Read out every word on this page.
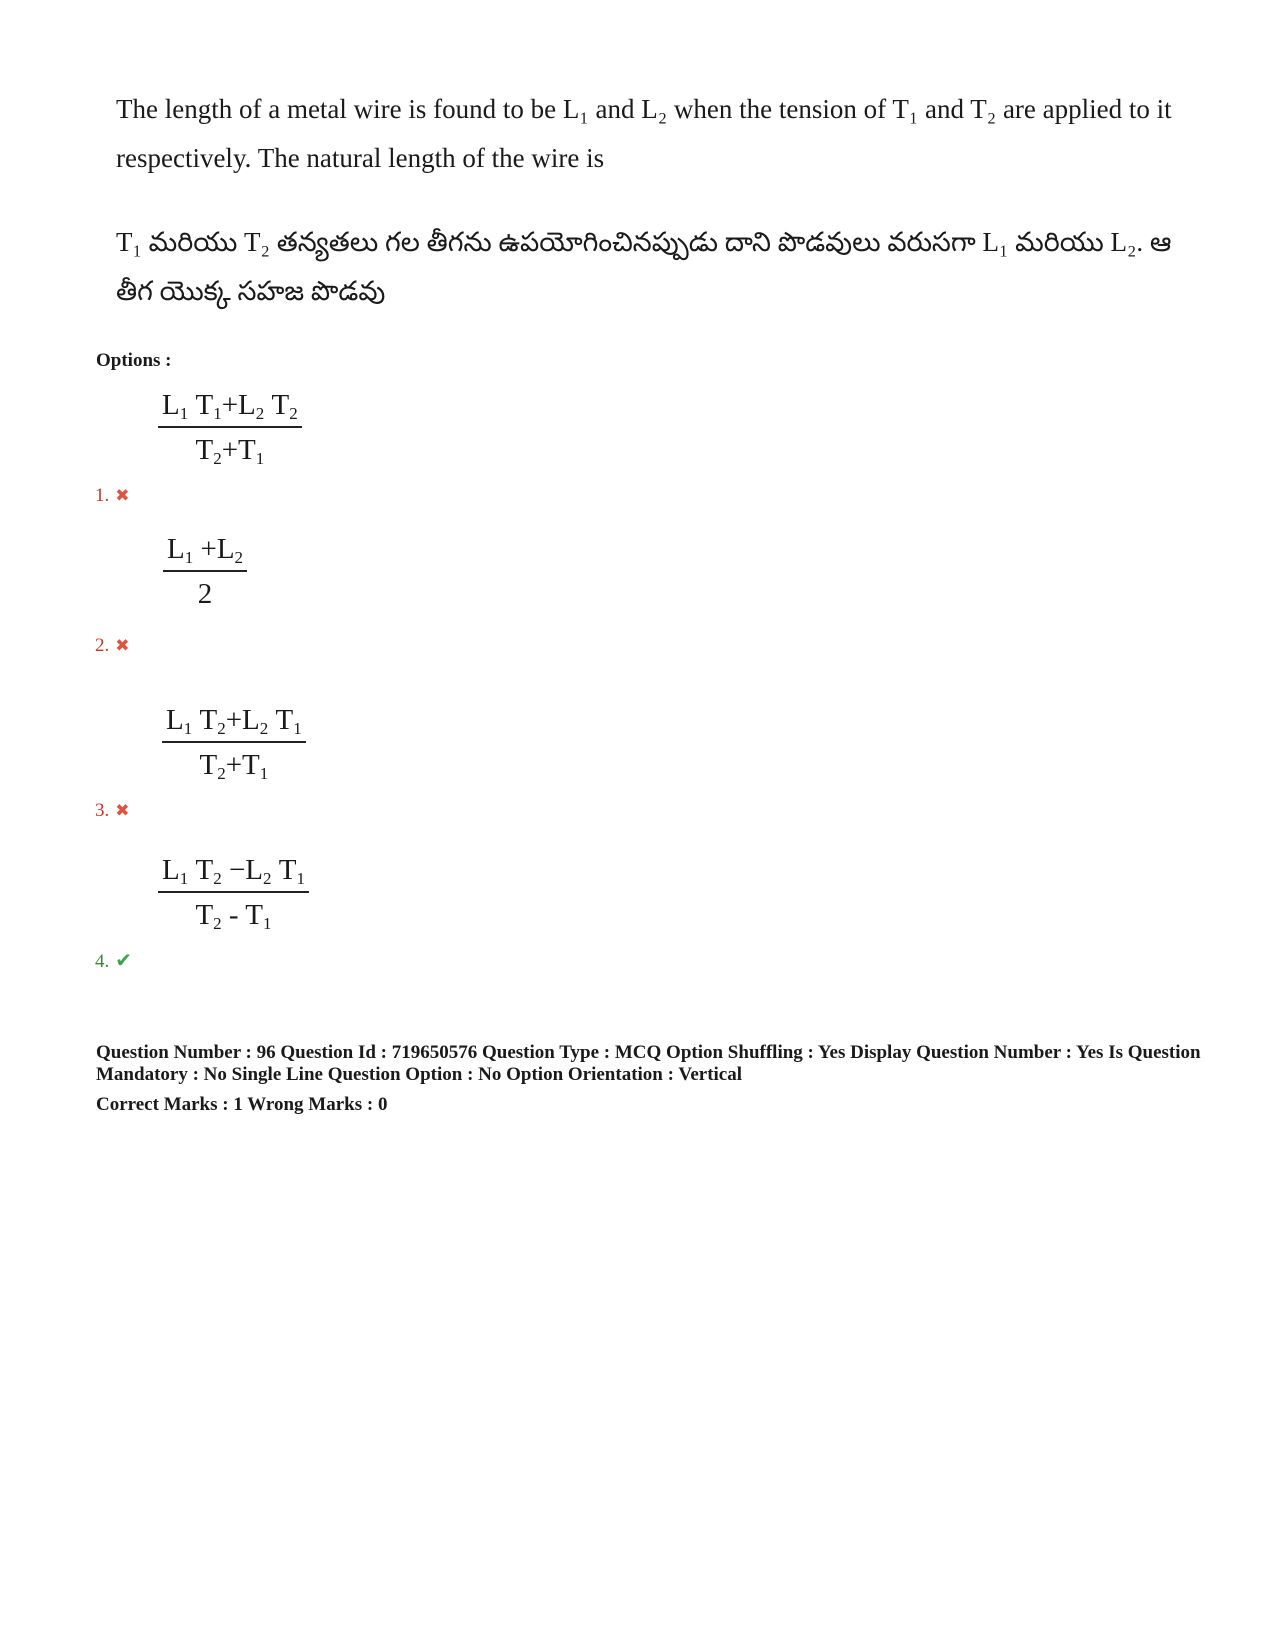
The length of a metal wire is found to be L₁ and L₂ when the tension of T₁ and T₂ are applied to it respectively. The natural length of the wire is
T₁ మరియు T₂ తన్యతలు గల తీగను ఉపయోగించినప్పుడు దాని పొడవులు వరుసగా L₁ మరియు L₂. ఆ తీగ యొక్క సహజ పొడవు
Options :
$L_1$ $T_1+L_2$ $T_2$
$T_2+T_1$
1. ✖
$L_1 +L_2$
2
2. ✖
$L_1$ $T_2+L_2$ $T_1$
$T_2+T_1$
3. ✖
$L_1$ $T_2 -L_2$ $T_1$
$T_2 - T_1$
4. ✔
Question Number : 96 Question Id : 719650576 Question Type : MCQ Option Shuffling : Yes Display Question Number : Yes Is Question Mandatory : No Single Line Question Option : No Option Orientation : Vertical
Correct Marks : 1 Wrong Marks : 0
